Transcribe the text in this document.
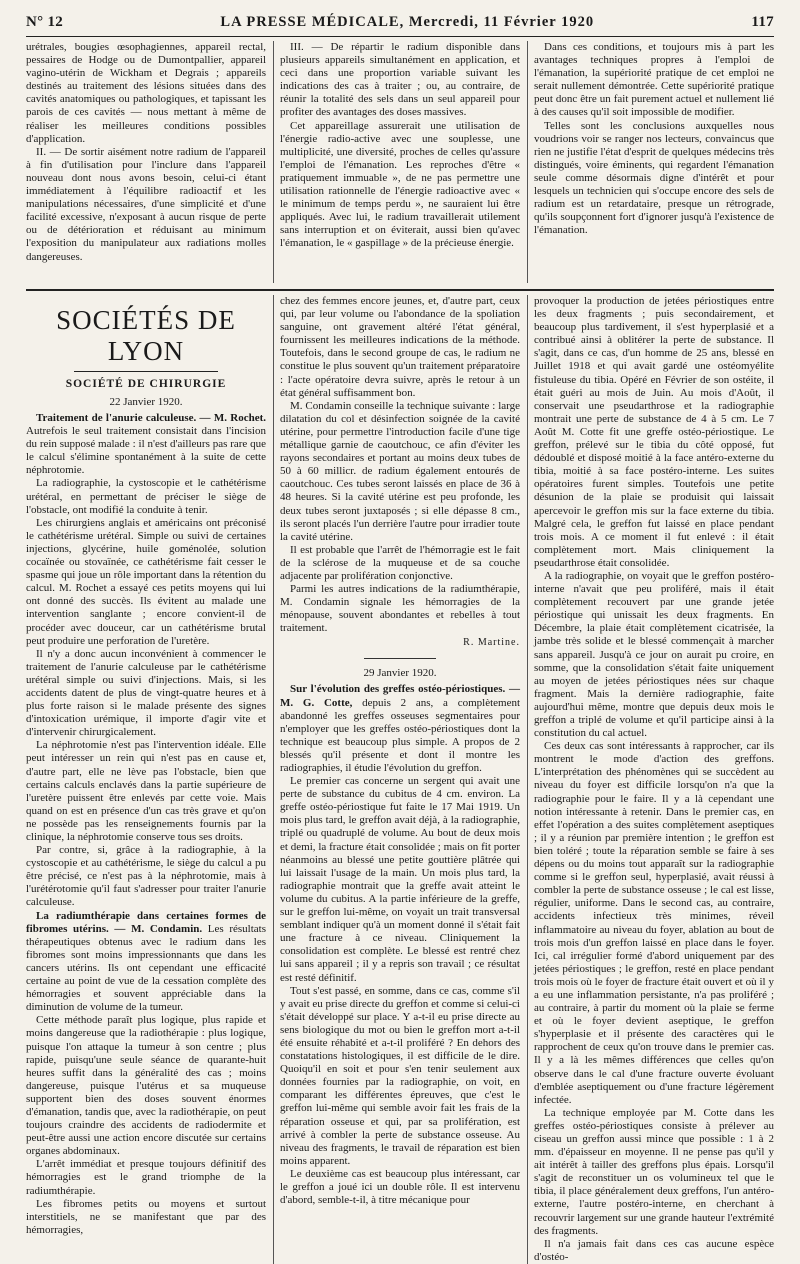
N° 12	LA PRESSE MÉDICALE, Mercredi, 11 Février 1920	117

urétrales, bougies œsophagiennes, appareil rectal, pessaires de Hodge ou de Dumontpallier, appareil vagino-utérin de Wickham et Degrais ; appareils destinés au traitement des lésions situées dans des cavités anatomiques ou pathologiques, et tapissant les parois de ces cavités — nous mettant à même de réaliser les meilleures conditions possibles d'application.

II. — De sortir aisément notre radium de l'appareil à fin d'utilisation pour l'inclure dans l'appareil nouveau dont nous avons besoin, celui-ci étant immédiatement à l'équilibre radioactif et les manipulations nécessaires, d'une simplicité et d'une facilité excessive, n'exposant à aucun risque de perte ou de détérioration et réduisant au minimum l'exposition du manipulateur aux radiations molles dangereuses.

III. — De répartir le radium disponible dans plusieurs appareils simultanément en application, et ceci dans une proportion variable suivant les indications des cas à traiter ; ou, au contraire, de réunir la totalité des sels dans un seul appareil pour profiter des avantages des doses massives.

Cet appareillage assurerait une utilisation de l'énergie radio-active avec une souplesse, une multiplicité, une diversité, proches de celles qu'assure l'emploi de l'émanation. Les reproches d'être « pratiquement immuable », de ne pas permettre une utilisation rationnelle de l'énergie radioactive avec « le minimum de temps perdu », ne sauraient lui être appliqués. Avec lui, le radium travaillerait utilement sans interruption et on éviterait, aussi bien qu'avec l'émanation, le « gaspillage » de la précieuse énergie.

Dans ces conditions, et toujours mis à part les avantages techniques propres à l'emploi de l'émanation, la supériorité pratique de cet emploi ne serait nullement démontrée. Cette supériorité pratique peut donc être un fait purement actuel et nullement lié à des causes qu'il soit impossible de modifier.

Telles sont les conclusions auxquelles nous voudrions voir se ranger nos lecteurs, convaincus que rien ne justifie l'état d'esprit de quelques médecins très distingués, voire éminents, qui regardent l'émanation seule comme désormais digne d'intérêt et pour lesquels un technicien qui s'occupe encore des sels de radium est un retardataire, presque un rétrograde, qu'ils soupçonnent fort d'ignorer jusqu'à l'existence de l'émanation.

SOCIÉTÉS DE LYON
SOCIÉTÉ DE CHIRURGIE
22 Janvier 1920.

Traitement de l'anurie calculeuse. — M. Rochet. Autrefois le seul traitement consistait dans l'incision du rein supposé malade : il n'est d'ailleurs pas rare que le calcul s'élimine spontanément à la suite de cette néphrotomie.

La radiographie, la cystoscopie et le cathétérisme urétéral, en permettant de préciser le siège de l'obstacle, ont modifié la conduite à tenir.

Les chirurgiens anglais et américains ont préconisé le cathétérisme urétéral. Simple ou suivi de certaines injections, glycérine, huile goménolée, solution cocaïnée ou stovaïnée, ce cathétérisme fait cesser le spasme qui joue un rôle important dans la rétention du calcul. M. Rochet a essayé ces petits moyens qui lui ont donné des succès. Ils évitent au malade une intervention sanglante ; encore convient-il de procéder avec douceur, car un cathétérisme brutal peut produire une perforation de l'uretère.

Il n'y a donc aucun inconvénient à commencer le traitement de l'anurie calculeuse par le cathétérisme urétéral simple ou suivi d'injections. Mais, si les accidents datent de plus de vingt-quatre heures et à plus forte raison si le malade présente des signes d'intoxication urémique, il importe d'agir vite et d'intervenir chirurgicalement.

La néphrotomie n'est pas l'intervention idéale. Elle peut intéresser un rein qui n'est pas en cause et, d'autre part, elle ne lève pas l'obstacle, bien que certains calculs enclavés dans la partie supérieure de l'uretère puissent être enlevés par cette voie. Mais quand on est en présence d'un cas très grave et qu'on ne possède pas les renseignements fournis par la clinique, la néphrotomie conserve tous ses droits.

Par contre, si, grâce à la radiographie, à la cystoscopie et au cathétérisme, le siège du calcul a pu être précisé, ce n'est pas à la néphrotomie, mais à l'urétérotomie qu'il faut s'adresser pour traiter l'anurie calculeuse.

La radiumthérapie dans certaines formes de fibromes utérins. — M. Condamin. Les résultats thérapeutiques obtenus avec le radium dans les fibromes sont moins impressionnants que dans les cancers utérins. Ils ont cependant une efficacité certaine au point de vue de la cessation complète des hémorragies et souvent appréciable dans la diminution de volume de la tumeur.

Cette méthode paraît plus logique, plus rapide et moins dangereuse que la radiothérapie : plus logique, puisque l'on attaque la tumeur à son centre ; plus rapide, puisqu'une seule séance de quarante-huit heures suffit dans la généralité des cas ; moins dangereuse, puisque l'utérus et sa muqueuse supportent bien des doses souvent énormes d'émanation, tandis que, avec la radiothérapie, on peut toujours craindre des accidents de radiodermite et peut-être aussi une action encore discutée sur certains organes abdominaux.

L'arrêt immédiat et presque toujours définitif des hémorragies est le grand triomphe de la radiumthérapie.

Les fibromes petits ou moyens et surtout interstitiels, ne se manifestant que par des hémorragies,

chez des femmes encore jeunes, et, d'autre part, ceux qui, par leur volume ou l'abondance de la spoliation sanguine, ont gravement altéré l'état général, fournissent les meilleures indications de la méthode. Toutefois, dans le second groupe de cas, le radium ne constitue le plus souvent qu'un traitement préparatoire : l'acte opératoire devra suivre, après le retour à un état général suffisamment bon.

M. Condamin conseille la technique suivante : large dilatation du col et désinfection soignée de la cavité utérine, pour permettre l'introduction facile d'une tige métallique garnie de caoutchouc, ce afin d'éviter les rayons secondaires et portant au moins deux tubes de 50 à 60 millicr. de radium également entourés de caoutchouc. Ces tubes seront laissés en place de 36 à 48 heures. Si la cavité utérine est peu profonde, les deux tubes seront juxtaposés ; si elle dépasse 8 cm., ils seront placés l'un derrière l'autre pour irradier toute la cavité utérine.

Il est probable que l'arrêt de l'hémorragie est le fait de la sclérose de la muqueuse et de sa couche adjacente par prolifération conjonctive.

Parmi les autres indications de la radiumthérapie, M. Condamin signale les hémorragies de la ménopause, souvent abondantes et rebelles à tout traitement.

R. Martine.
29 Janvier 1920.

Sur l'évolution des greffes ostéo-périostiques. — M. G. Cotte, depuis 2 ans, a complètement abandonné les greffes osseuses segmentaires pour n'employer que les greffes ostéo-périostiques dont la technique est beaucoup plus simple. A propos de 2 blessés qu'il présente et dont il montre les radiographies, il étudie l'évolution du greffon.

Le premier cas concerne un sergent qui avait une perte de substance du cubitus de 4 cm. environ. La greffe ostéo-périostique fut faite le 17 Mai 1919. Un mois plus tard, le greffon avait déjà, à la radiographie, triplé ou quadruplé de volume. Au bout de deux mois et demi, la fracture était consolidée ; mais on fit porter néanmoins au blessé une petite gouttière plâtrée qui lui laissait l'usage de la main. Un mois plus tard, la radiographie montrait que la greffe avait atteint le volume du cubitus. A la partie inférieure de la greffe, sur le greffon lui-même, on voyait un trait transversal semblant indiquer qu'à un moment donné il s'était fait une fracture à ce niveau. Cliniquement la consolidation est complète. Le blessé est rentré chez lui sans appareil ; il y a repris son travail ; ce résultat est resté définitif.

Tout s'est passé, en somme, dans ce cas, comme s'il y avait eu prise directe du greffon et comme si celui-ci s'était développé sur place. Y a-t-il eu prise directe au sens biologique du mot ou bien le greffon mort a-t-il été ensuite réhabité et a-t-il proliféré ? En dehors des constatations histologiques, il est difficile de le dire. Quoiqu'il en soit et pour s'en tenir seulement aux données fournies par la radiographie, on voit, en comparant les différentes épreuves, que c'est le greffon lui-même qui semble avoir fait les frais de la réparation osseuse et qui, par sa prolifération, est arrivé à combler la perte de substance osseuse. Au niveau des fragments, le travail de réparation est bien moins apparent.

Le deuxième cas est beaucoup plus intéressant, car le greffon a joué ici un double rôle. Il est intervenu d'abord, semble-t-il, à titre mécanique pour

provoquer la production de jetées périostiques entre les deux fragments ; puis secondairement, et beaucoup plus tardivement, il s'est hyperplasié et a contribué ainsi à oblitérer la perte de substance. Il s'agit, dans ce cas, d'un homme de 25 ans, blessé en Juillet 1918 et qui avait gardé une ostéomyélite fistuleuse du tibia. Opéré en Février de son ostéite, il était guéri au mois de Juin. Au mois d'Août, il conservait une pseudarthrose et la radiographie montrait une perte de substance de 4 à 5 cm. Le 7 Août M. Cotte fit une greffe ostéo-périostique. Le greffon, prélevé sur le tibia du côté opposé, fut dédoublé et disposé moitié à la face antéro-externe du tibia, moitié à sa face postéro-interne. Les suites opératoires furent simples. Toutefois une petite désunion de la plaie se produisit qui laissait apercevoir le greffon mis sur la face externe du tibia. Malgré cela, le greffon fut laissé en place pendant trois mois. A ce moment il fut enlevé : il était complètement mort. Mais cliniquement la pseudarthrose était consolidée.

A la radiographie, on voyait que le greffon postéro-interne n'avait que peu proliféré, mais il était complètement recouvert par une grande jetée périostique qui unissait les deux fragments. En Décembre, la plaie était complètement cicatrisée, la jambe très solide et le blessé commençait à marcher sans appareil. Jusqu'à ce jour on aurait pu croire, en somme, que la consolidation s'était faite uniquement au moyen de jetées périostiques nées sur chaque fragment. Mais la dernière radiographie, faite aujourd'hui même, montre que depuis deux mois le greffon a triplé de volume et qu'il participe ainsi à la constitution du cal actuel.

Ces deux cas sont intéressants à rapprocher, car ils montrent le mode d'action des greffons. L'interprétation des phénomènes qui se succèdent au niveau du foyer est difficile lorsqu'on n'a que la radiographie pour le faire. Il y a là cependant une notion intéressante à retenir. Dans le premier cas, en effet l'opération a des suites complètement aseptiques ; il y a réunion par première intention ; le greffon est bien toléré ; toute la réparation semble se faire à ses dépens ou du moins tout apparaît sur la radiographie comme si le greffon seul, hyperplasié, avait réussi à combler la perte de substance osseuse ; le cal est lisse, régulier, uniforme. Dans le second cas, au contraire, accidents infectieux très minimes, réveil inflammatoire au niveau du foyer, ablation au bout de trois mois d'un greffon laissé en place dans le foyer. Ici, cal irrégulier formé d'abord uniquement par des jetées périostiques ; le greffon, resté en place pendant trois mois où le foyer de fracture était ouvert et où il y a eu une inflammation persistante, n'a pas proliféré ; au contraire, à partir du moment où la plaie se ferme et où le foyer devient aseptique, le greffon s'hyperplasie et il présente des caractères qui le rapprochent de ceux qu'on trouve dans le premier cas. Il y a là les mêmes différences que celles qu'on observe dans le cal d'une fracture ouverte évoluant d'emblée aseptiquement ou d'une fracture légèrement infectée.

La technique employée par M. Cotte dans les greffes ostéo-périostiques consiste à prélever au ciseau un greffon aussi mince que possible : 1 à 2 mm. d'épaisseur en moyenne. Il ne pense pas qu'il y ait intérêt à tailler des greffons plus épais. Lorsqu'il s'agit de reconstituer un os volumineux tel que le tibia, il place généralement deux greffons, l'un antéro-externe, l'autre postéro-interne, en cherchant à recouvrir largement sur une grande hauteur l'extrémité des fragments.

Il n'a jamais fait dans ces cas aucune espèce d'ostéo-
